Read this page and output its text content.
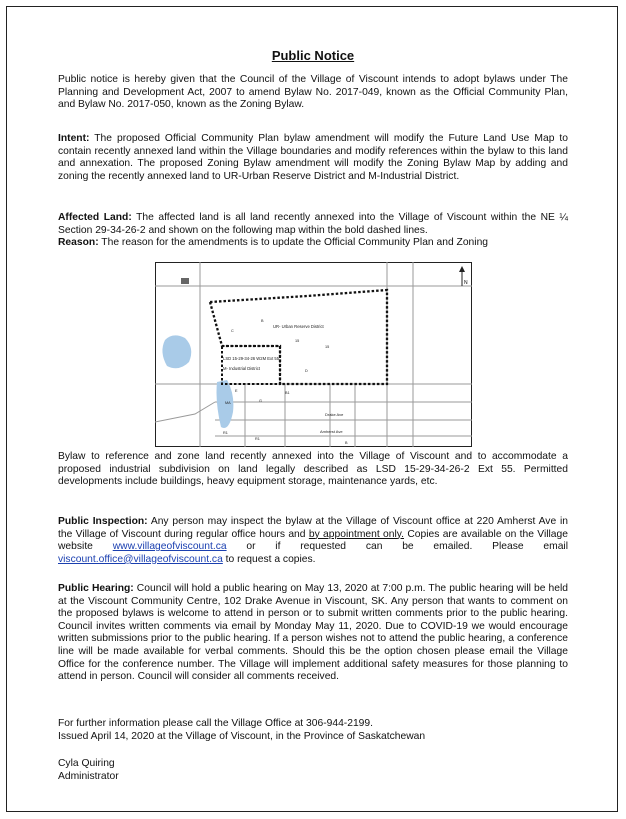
Public Notice

Public notice is hereby given that the Council of the Village of Viscount intends to adopt bylaws under The Planning and Development Act, 2007 to amend Bylaw No. 2017-049, known as the Official Community Plan, and Bylaw No. 2017-050, known as the Zoning Bylaw.

Intent: The proposed Official Community Plan bylaw amendment will modify the Future Land Use Map to contain recently annexed land within the Village boundaries and modify references within the bylaw to this land and annexation. The proposed Zoning Bylaw amendment will modify the Zoning Bylaw Map by adding and zoning the recently annexed land to UR-Urban Reserve District and M-Industrial District.

Affected Land: The affected land is all land recently annexed into the Village of Viscount within the NE ¼ Section 29-34-26-2 and shown on the following map within the bold dashed lines.

Reason: The reason for the amendments is to update the Official Community Plan and Zoning

N
UR- Urban Reserve District
LSD 15-29-34-26 W2M Ext 55
M- Industrial District
B
C
15
15
D
E
G
B1
MA
R1
R1
B
Drake Ave
Amherst Ave

Bylaw to reference and zone land recently annexed into the Village of Viscount and to accommodate a proposed industrial subdivision on land legally described as LSD 15-29-34-26-2 Ext 55. Permitted developments include buildings, heavy equipment storage, maintenance yards, etc.

Public Inspection: Any person may inspect the bylaw at the Village of Viscount office at 220 Amherst Ave in the Village of Viscount during regular office hours and by appointment only. Copies are available on the Village website www.villageofviscount.ca or if requested can be emailed. Please email viscount.office@villageofviscount.ca to request a copies.

Public Hearing: Council will hold a public hearing on May 13, 2020 at 7:00 p.m. The public hearing will be held at the Viscount Community Centre, 102 Drake Avenue in Viscount, SK. Any person that wants to comment on the proposed bylaws is welcome to attend in person or to submit written comments prior to the public hearing. Council invites written comments via email by Monday May 11, 2020. Due to COVID-19 we would encourage written submissions prior to the public hearing. If a person wishes not to attend the public hearing, a conference line will be made available for verbal comments. Should this be the option chosen please email the Village Office for the conference number. The Village will implement additional safety measures for those planning to attend in person. Council will consider all comments received.

For further information please call the Village Office at 306-944-2199.

Issued April 14, 2020 at the Village of Viscount, in the Province of Saskatchewan

Cyla Quiring

Administrator
